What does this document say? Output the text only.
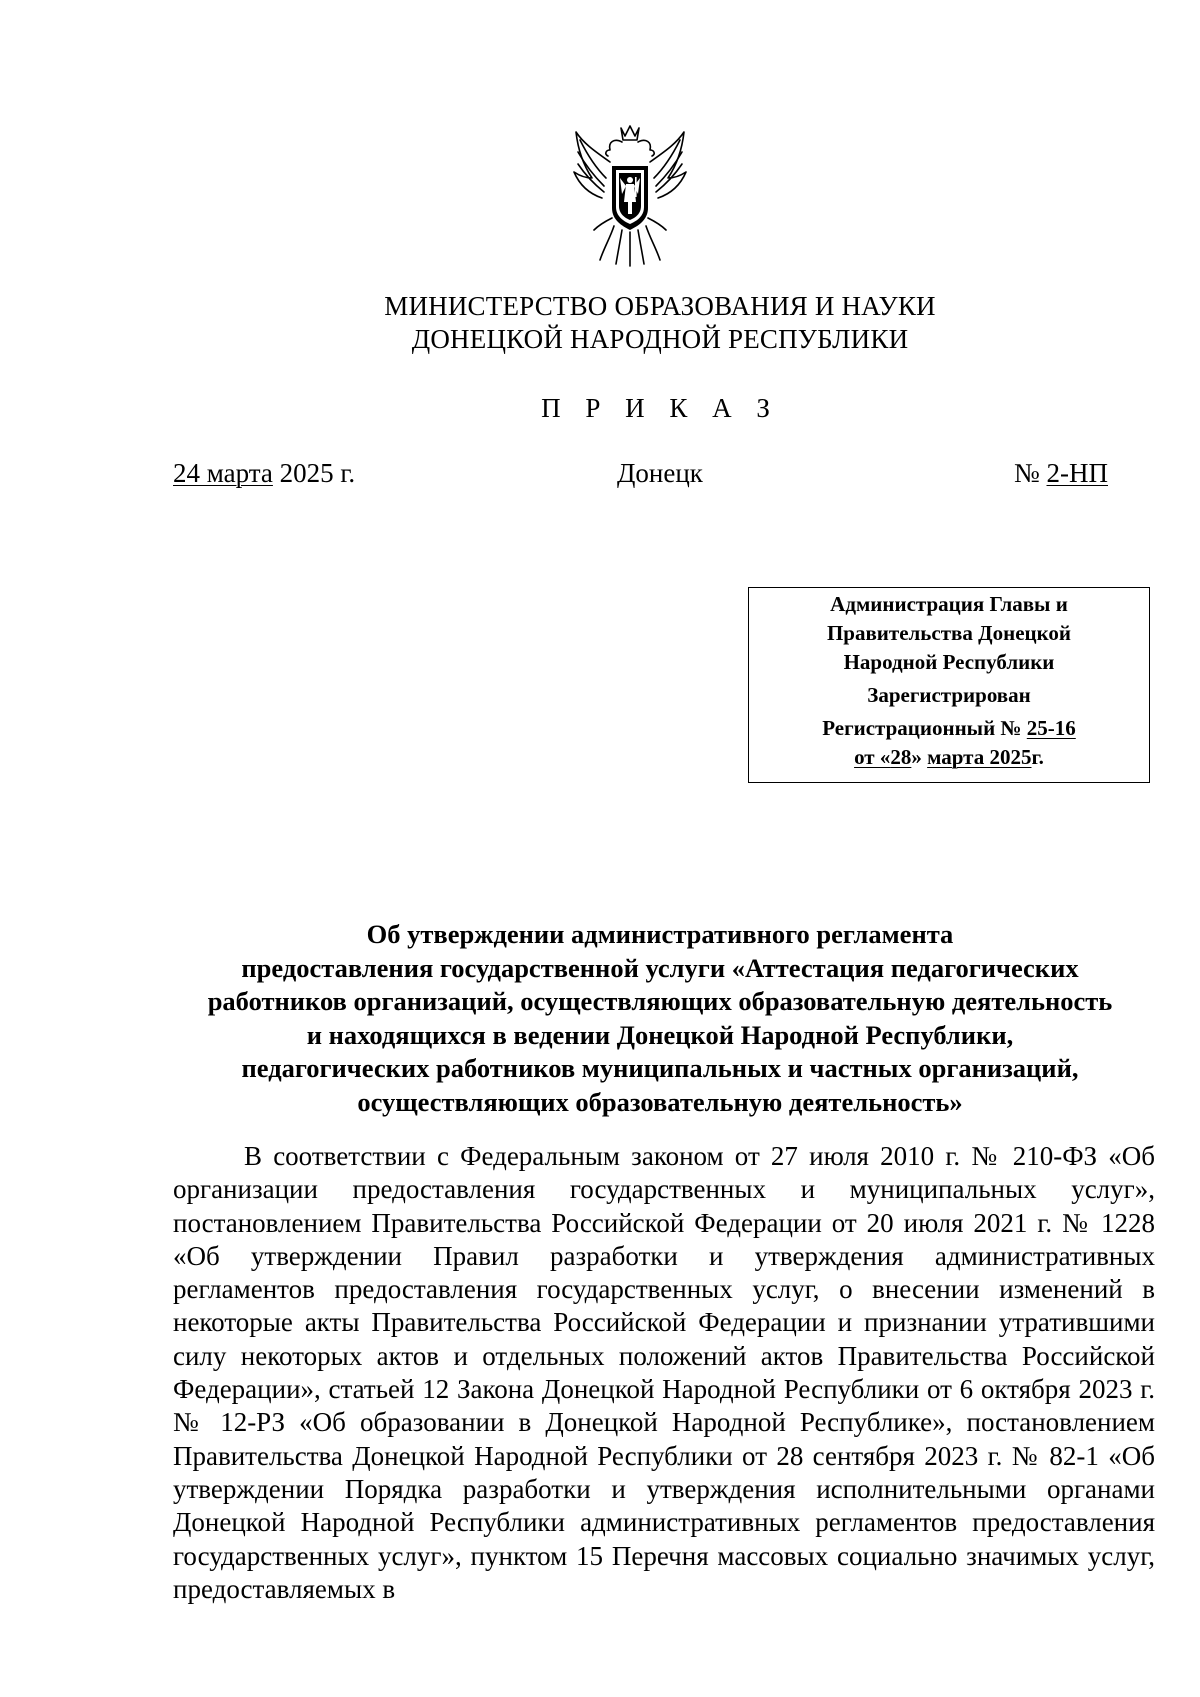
МИНИСТЕРСТВО ОБРАЗОВАНИЯ И НАУКИ
ДОНЕЦКОЙ НАРОДНОЙ РЕСПУБЛИКИ
П Р И К А З
24 марта 2025 г.	Донецк	№ 2-НП
Администрация Главы и
Правительства Донецкой
Народной Республики
Зарегистрирован
Регистрационный № 25-16
от «28» марта 2025г.
Об утверждении административного регламента
предоставления государственной услуги «Аттестация педагогических
работников организаций, осуществляющих образовательную деятельность
и находящихся в ведении Донецкой Народной Республики,
педагогических работников муниципальных и частных организаций,
осуществляющих образовательную деятельность»

В соответствии с Федеральным законом от 27 июля 2010 г. № 210-ФЗ «Об организации предоставления государственных и муниципальных услуг», постановлением Правительства Российской Федерации от 20 июля 2021 г. № 1228 «Об утверждении Правил разработки и утверждения административных регламентов предоставления государственных услуг, о внесении изменений в некоторые акты Правительства Российской Федерации и признании утратившими силу некоторых актов и отдельных положений актов Правительства Российской Федерации», статьей 12 Закона Донецкой Народной Республики от 6 октября 2023 г. № 12-РЗ «Об образовании в Донецкой Народной Республике», постановлением Правительства Донецкой Народной Республики от 28 сентября 2023 г. № 82-1 «Об утверждении Порядка разработки и утверждения исполнительными органами Донецкой Народной Республики административных регламентов предоставления государственных услуг», пунктом 15 Перечня массовых социально значимых услуг, предоставляемых в
